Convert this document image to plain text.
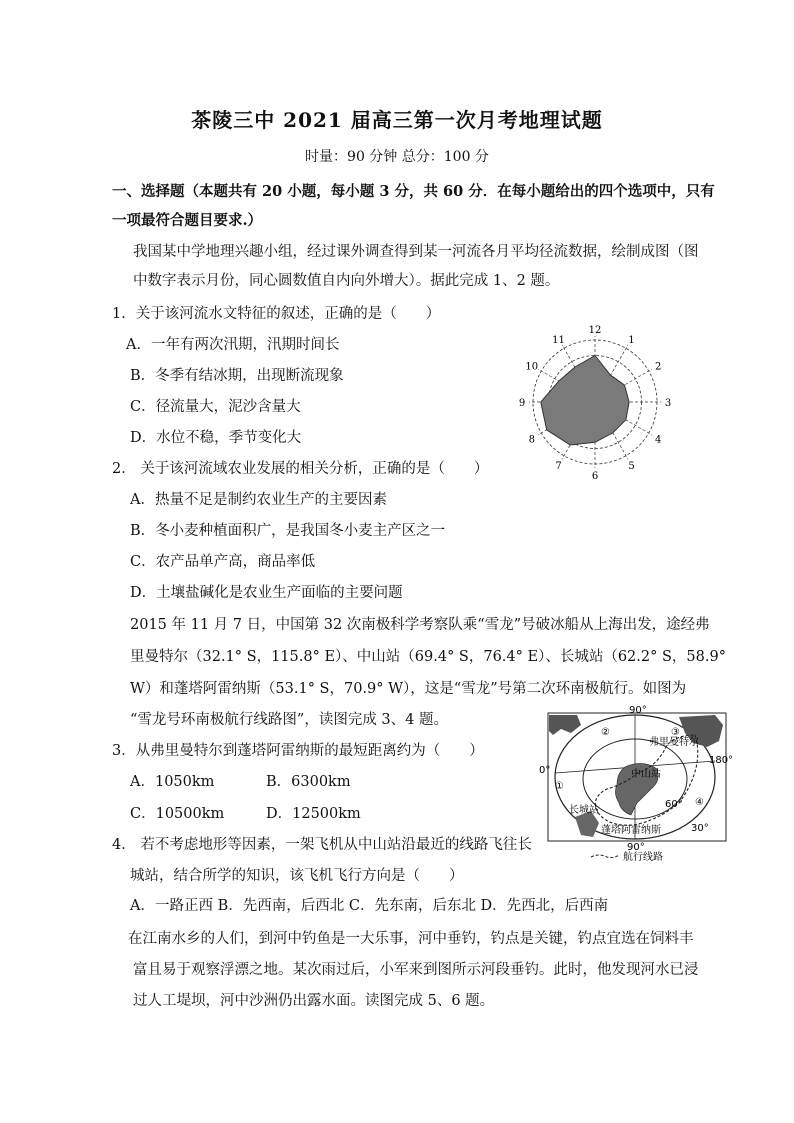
茶陵三中 2021 届高三第一次月考地理试题
时量：90 分钟 总分：100 分
一、选择题（本题共有 20 小题，每小题 3 分，共 60 分．在每小题给出的四个选项中，只有
一项最符合题目要求.）
我国某中学地理兴趣小组，经过课外调查得到某一河流各月平均径流数据，绘制成图（图
中数字表示月份，同心圆数值自内向外增大）。据此完成 1、2 题。
1．关于该河流水文特征的叙述，正确的是（　　）
A．一年有两次汛期，汛期时间长
B．冬季有结冰期，出现断流现象
C．径流量大，泥沙含量大
D．水位不稳，季节变化大
2． 关于该河流域农业发展的相关分析，正确的是（　　）
A．热量不足是制约农业生产的主要因素
B．冬小麦种植面积广，是我国冬小麦主产区之一
C．农产品单产高，商品率低
D．土壤盐碱化是农业生产面临的主要问题
2015 年 11 月 7 日，中国第 32 次南极科学考察队乘“雪龙”号破冰船从上海出发，途经弗
里曼特尔（32.1° S，115.8° E）、中山站（69.4° S，76.4° E）、长城站（62.2° S，58.9°
W）和蓬塔阿雷纳斯（53.1° S，70.9° W），这是“雪龙”号第二次环南极航行。如图为
“雪龙号环南极航行线路图”，读图完成 3、4 题。
3．从弗里曼特尔到蓬塔阿雷纳斯的最短距离约为（　　）
A．1050km	B．6300km
C．10500km	D．12500km
4． 若不考虑地形等因素，一架飞机从中山站沿最近的线路飞往长
城站，结合所学的知识，该飞机飞行方向是（　　）
A．一路正西 B．先西南，后西北 C．先东南，后东北 D．先西北，后西南
在江南水乡的人们，到河中钓鱼是一大乐事，河中垂钓，钓点是关键，钓点宜选在饲料丰
富且易于观察浮漂之地。某次雨过后，小军来到图所示河段垂钓。此时，他发现河水已浸
过人工堤坝，河中沙洲仍出露水面。读图完成 5、6 题。
12
1
2
3
4
5
6
7
8
9
10
11
90°
180°
0°
90°
60°
30°
①
②	③
④
弗里曼特尔
中山站
长城站
蓬塔阿雷纳斯
航行线路
